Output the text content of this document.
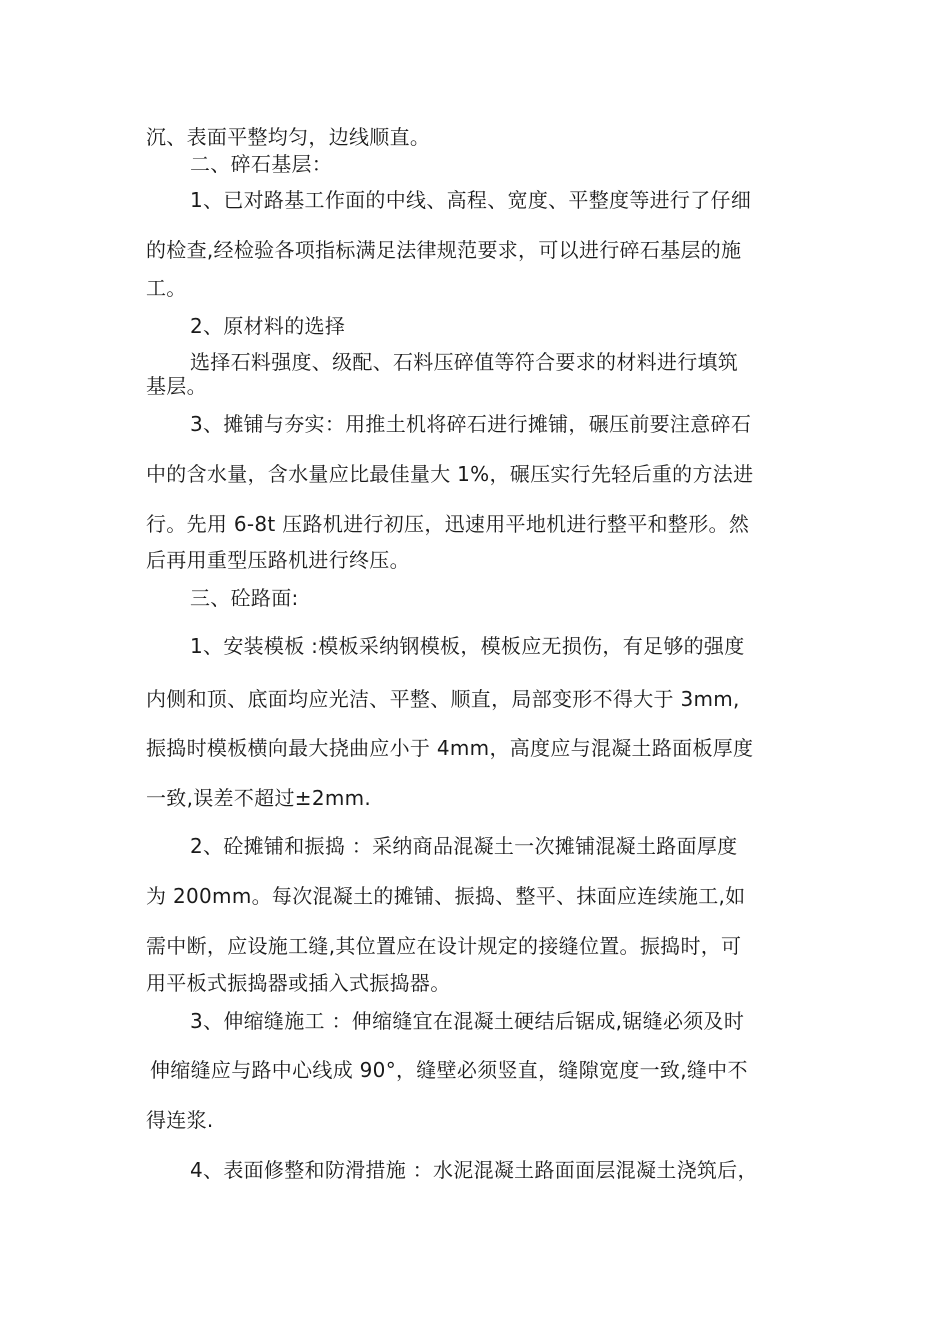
沉、表面平整均匀，边线顺直。
二、碎石基层：
1、已对路基工作面的中线、高程、宽度、平整度等进行了仔细
的检查,经检验各项指标满足法律规范要求，可以进行碎石基层的施
工。
2、原材料的选择
选择石料强度、级配、石料压碎值等符合要求的材料进行填筑
基层。
3、摊铺与夯实：用推土机将碎石进行摊铺，碾压前要注意碎石
中的含水量，含水量应比最佳量大 1%，碾压实行先轻后重的方法进
行。先用 6-8t 压路机进行初压，迅速用平地机进行整平和整形。然
后再用重型压路机进行终压。
三、砼路面:
1、安装模板 :模板采纳钢模板，模板应无损伤，有足够的强度
内侧和顶、底面均应光洁、平整、顺直，局部变形不得大于 3mm,
振捣时模板横向最大挠曲应小于 4mm，高度应与混凝土路面板厚度
一致,误差不超过±2mm.
2、砼摊铺和振捣 ：采纳商品混凝土一次摊铺混凝土路面厚度
为 200mm。每次混凝土的摊铺、振捣、整平、抹面应连续施工,如
需中断，应设施工缝,其位置应在设计规定的接缝位置。振捣时，可
用平板式振捣器或插入式振捣器。
3、伸缩缝施工 ：伸缩缝宜在混凝土硬结后锯成,锯缝必须及时
伸缩缝应与路中心线成 90°，缝壁必须竖直，缝隙宽度一致,缝中不
得连浆.
4、表面修整和防滑措施 ：水泥混凝土路面面层混凝土浇筑后，
